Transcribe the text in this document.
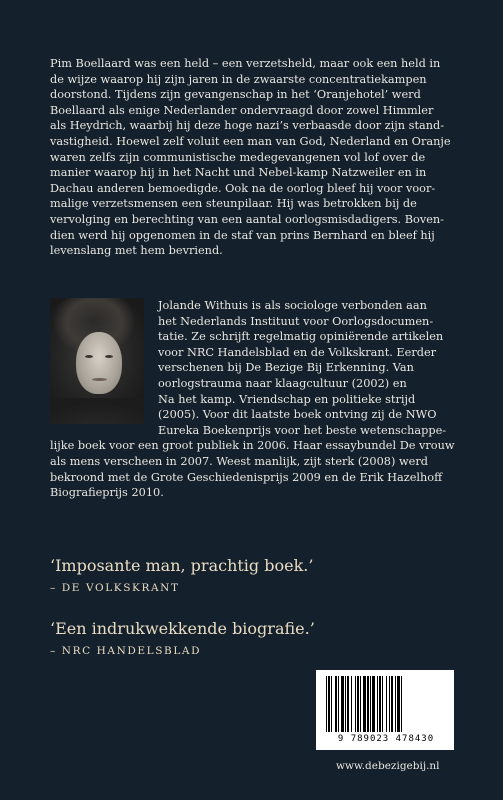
Pim Boellaard was een held – een verzetsheld, maar ook een held in

de wijze waarop hij zijn jaren in de zwaarste concentratiekampen

doorstond. Tijdens zijn gevangenschap in het ‘Oranjehotel’ werd

Boellaard als enige Nederlander ondervraagd door zowel Himmler

als Heydrich, waarbij hij deze hoge nazi’s verbaasde door zijn stand-

vastigheid. Hoewel zelf voluit een man van God, Nederland en Oranje

waren zelfs zijn communistische medegevangenen vol lof over de

manier waarop hij in het Nacht und Nebel-kamp Natzweiler en in

Dachau anderen bemoedigde. Ook na de oorlog bleef hij voor voor-

malige verzetsmensen een steunpilaar. Hij was betrokken bij de

vervolging en berechting van een aantal oorlogsmisdadigers. Boven-

dien werd hij opgenomen in de staf van prins Bernhard en bleef hij

levenslang met hem bevriend.

Jolande Withuis is als sociologe verbonden aan

het Nederlands Instituut voor Oorlogsdocumen-

tatie. Ze schrijft regelmatig opiniërende artikelen

voor NRC Handelsblad en de Volkskrant. Eerder

verschenen bij De Bezige Bij Erkenning. Van

oorlogstrauma naar klaagcultuur (2002) en

Na het kamp. Vriendschap en politieke strijd

(2005). Voor dit laatste boek ontving zij de NWO

Eureka Boekenprijs voor het beste wetenschappe-

lijke boek voor een groot publiek in 2006. Haar essaybundel De vrouw

als mens verscheen in 2007. Weest manlijk, zijt sterk (2008) werd

bekroond met de Grote Geschiedenisprijs 2009 en de Erik Hazelhoff

Biografieprijs 2010.

‘Imposante man, prachtig boek.’
– DE VOLKSKRANT
‘Een indrukwekkende biografie.’
– NRC HANDELSBLAD
9 789023 478430
www.debezigebij.nl
